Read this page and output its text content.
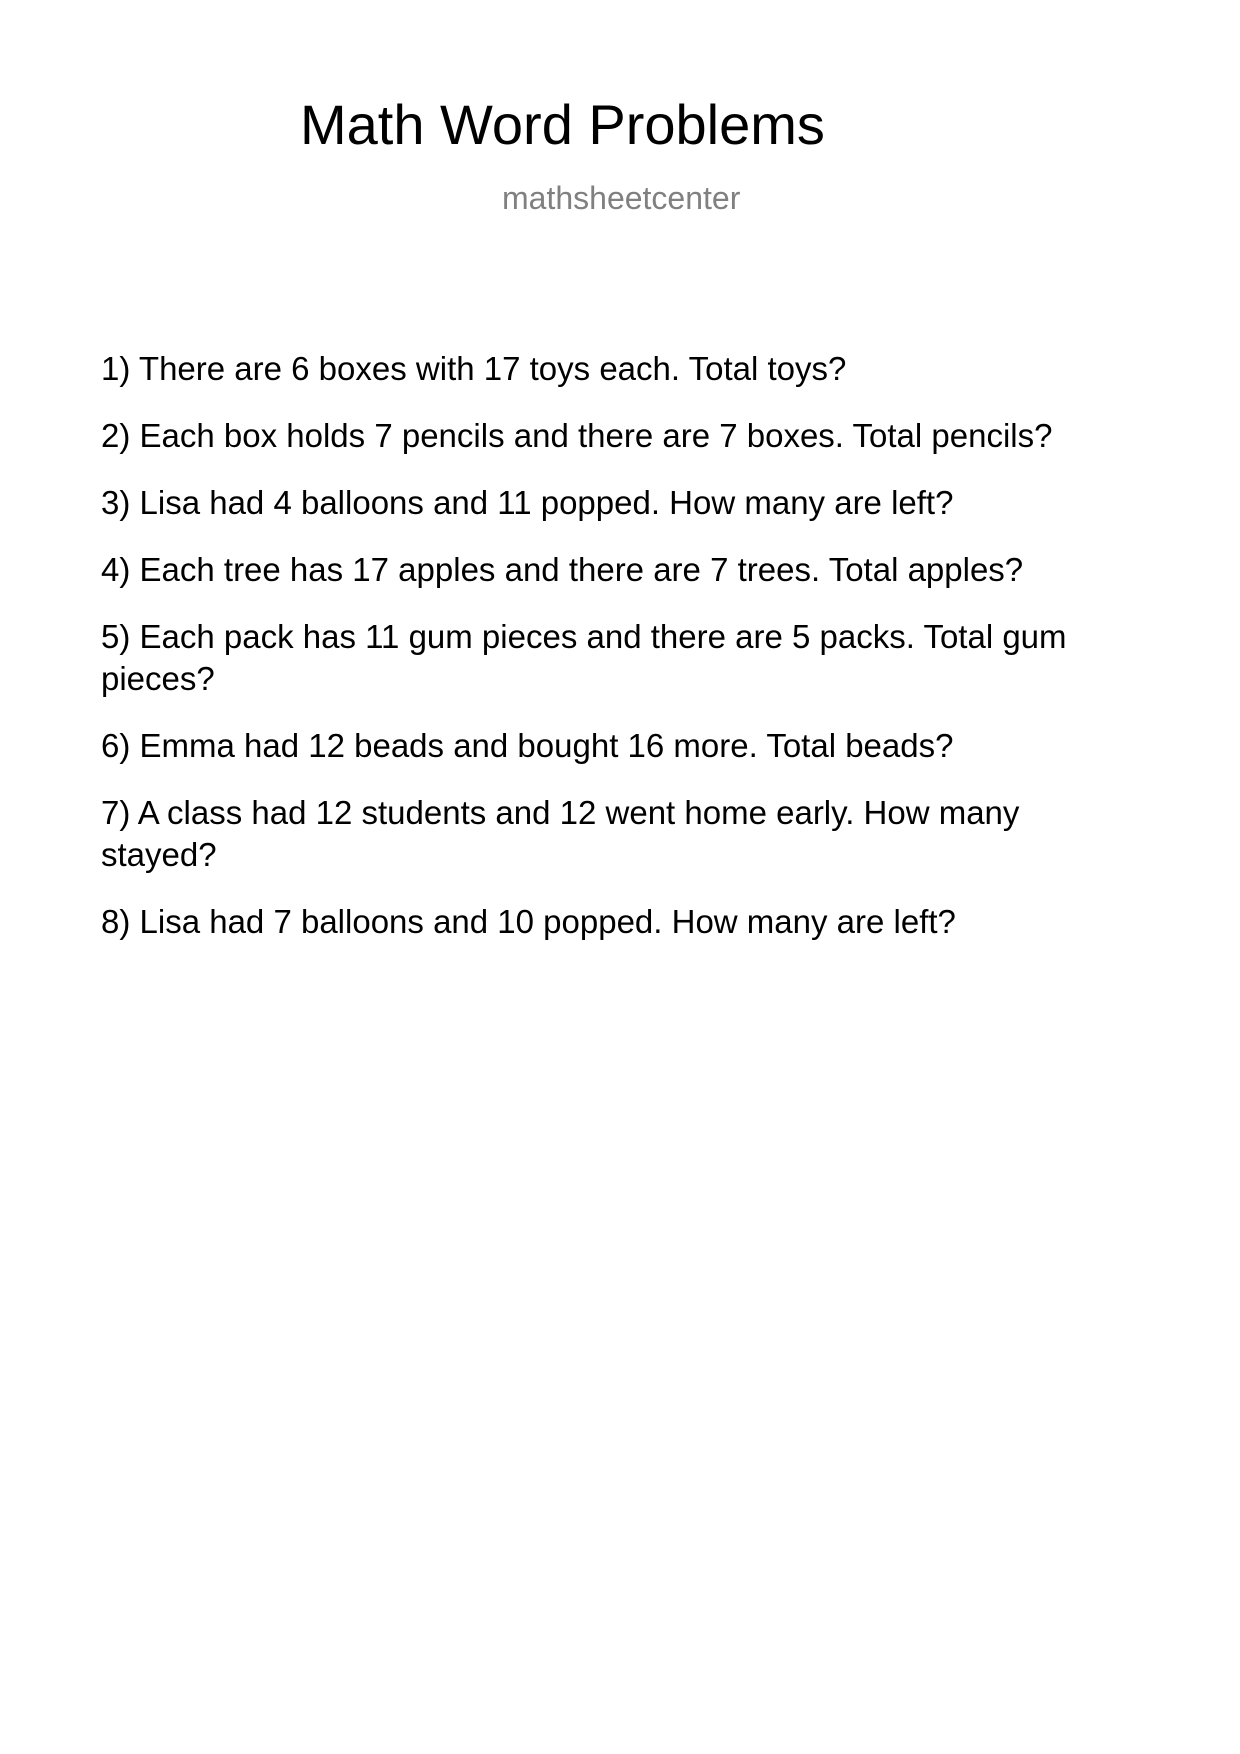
Math Word Problems

mathsheetcenter

1) There are 6 boxes with 17 toys each. Total toys?
2) Each box holds 7 pencils and there are 7 boxes. Total pencils?
3) Lisa had 4 balloons and 11 popped. How many are left?
4) Each tree has 17 apples and there are 7 trees. Total apples?
5) Each pack has 11 gum pieces and there are 5 packs. Total gum pieces?
6) Emma had 12 beads and bought 16 more. Total beads?
7) A class had 12 students and 12 went home early. How many stayed?
8) Lisa had 7 balloons and 10 popped. How many are left?
